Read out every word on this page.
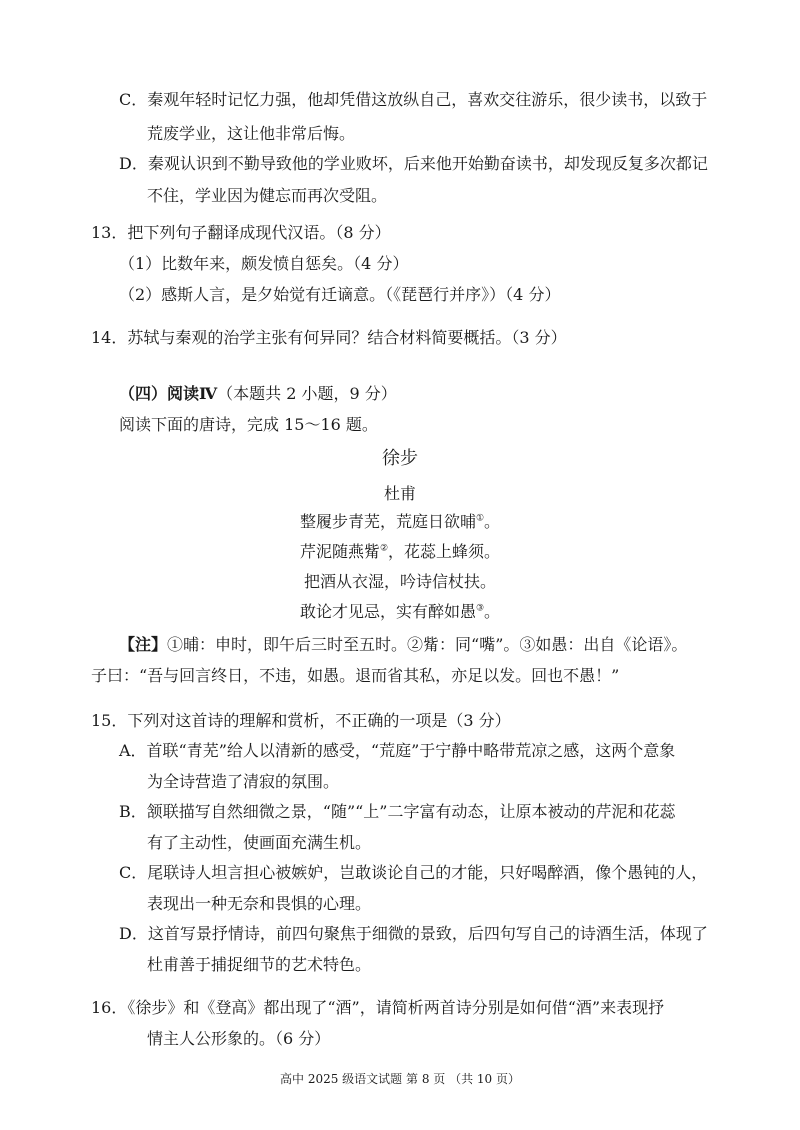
C．秦观年轻时记忆力强，他却凭借这放纵自己，喜欢交往游乐，很少读书，以致于
荒废学业，这让他非常后悔。
D．秦观认识到不勤导致他的学业败坏，后来他开始勤奋读书，却发现反复多次都记
不住，学业因为健忘而再次受阻。
13．把下列句子翻译成现代汉语。（8 分）
（1）比数年来，颇发愤自惩矣。（4 分）
（2）感斯人言，是夕始觉有迁谪意。（《琵琶行并序》）（4 分）
14．苏轼与秦观的治学主张有何异同？结合材料简要概括。（3 分）
（四）阅读Ⅳ（本题共 2 小题，9 分）
阅读下面的唐诗，完成 15～16 题。
徐步
杜甫
整履步青芜，荒庭日欲晡①。
芹泥随燕觜②，花蕊上蜂须。
把酒从衣湿，吟诗信杖扶。
敢论才见忌，实有醉如愚③。
【注】①晡：申时，即午后三时至五时。②觜：同“嘴”。③如愚：出自《论语》。
子曰：“吾与回言终日，不违，如愚。退而省其私，亦足以发。回也不愚！”
15．下列对这首诗的理解和赏析，不正确的一项是（3 分）
A．首联“青芜”给人以清新的感受，“荒庭”于宁静中略带荒凉之感，这两个意象
为全诗营造了清寂的氛围。
B．颔联描写自然细微之景，“随”“上”二字富有动态，让原本被动的芹泥和花蕊
有了主动性，使画面充满生机。
C．尾联诗人坦言担心被嫉妒，岂敢谈论自己的才能，只好喝醉酒，像个愚钝的人，
表现出一种无奈和畏惧的心理。
D．这首写景抒情诗，前四句聚焦于细微的景致，后四句写自己的诗酒生活，体现了
杜甫善于捕捉细节的艺术特色。
16．《徐步》和《登高》都出现了“酒”，请简析两首诗分别是如何借“酒”来表现抒
情主人公形象的。（6 分）
高中 2025 级语文试题 第 8 页 （共 10 页）
